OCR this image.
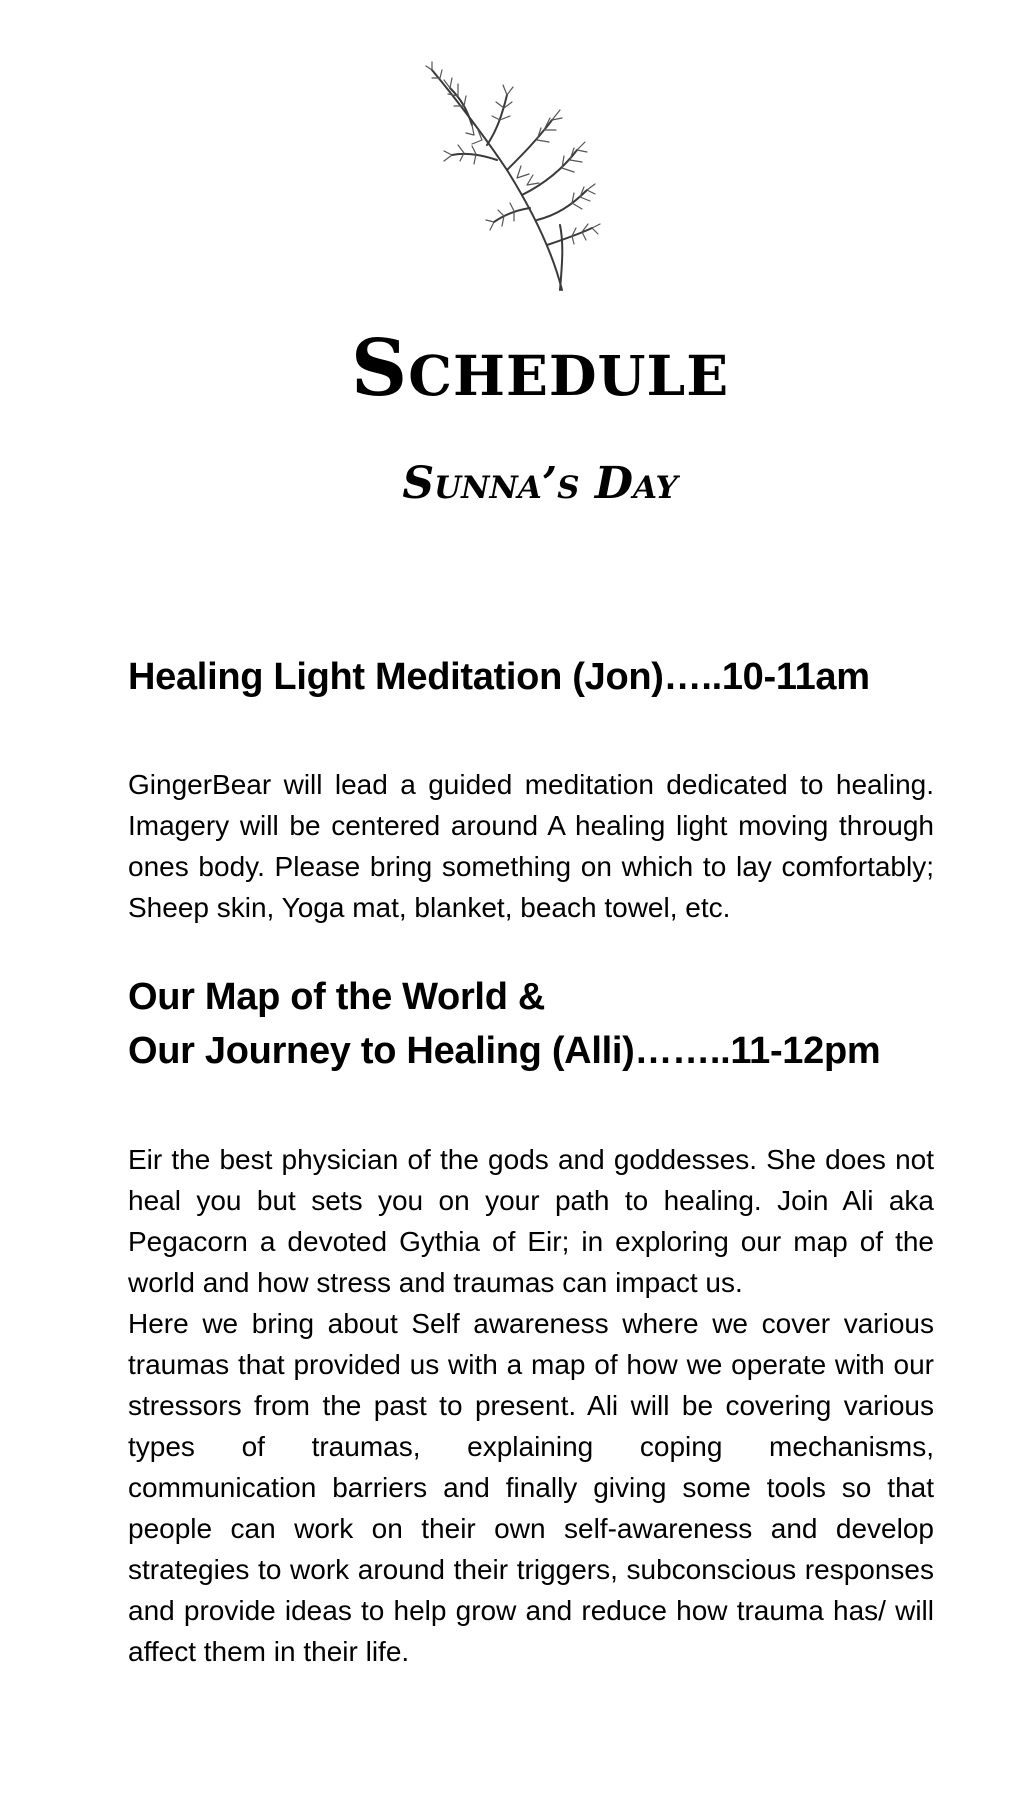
Schedule
Sunna’s Day
Healing Light Meditation (Jon)…..10-11am

GingerBear will lead a guided meditation dedicated to healing. Imagery will be centered around A healing light moving through ones body. Please bring something on which to lay comfortably; Sheep skin, Yoga mat, blanket, beach towel, etc.

Our Map of the World &
Our Journey to Healing (Alli)……..11-12pm

Eir the best physician of the gods and goddesses. She does not heal you but sets you on your path to healing. Join Ali aka Pegacorn a devoted Gythia of Eir; in exploring our map of the world and how stress and traumas can impact us.

Here we bring about Self awareness where we cover various traumas that provided us with a map of how we operate with our stressors from the past to present. Ali will be covering various types of traumas, explaining coping mechanisms, communication barriers and finally giving some tools so that people can work on their own self-awareness and develop strategies to work around their triggers, subconscious responses and provide ideas to help grow and reduce how trauma has/ will affect them in their life.
